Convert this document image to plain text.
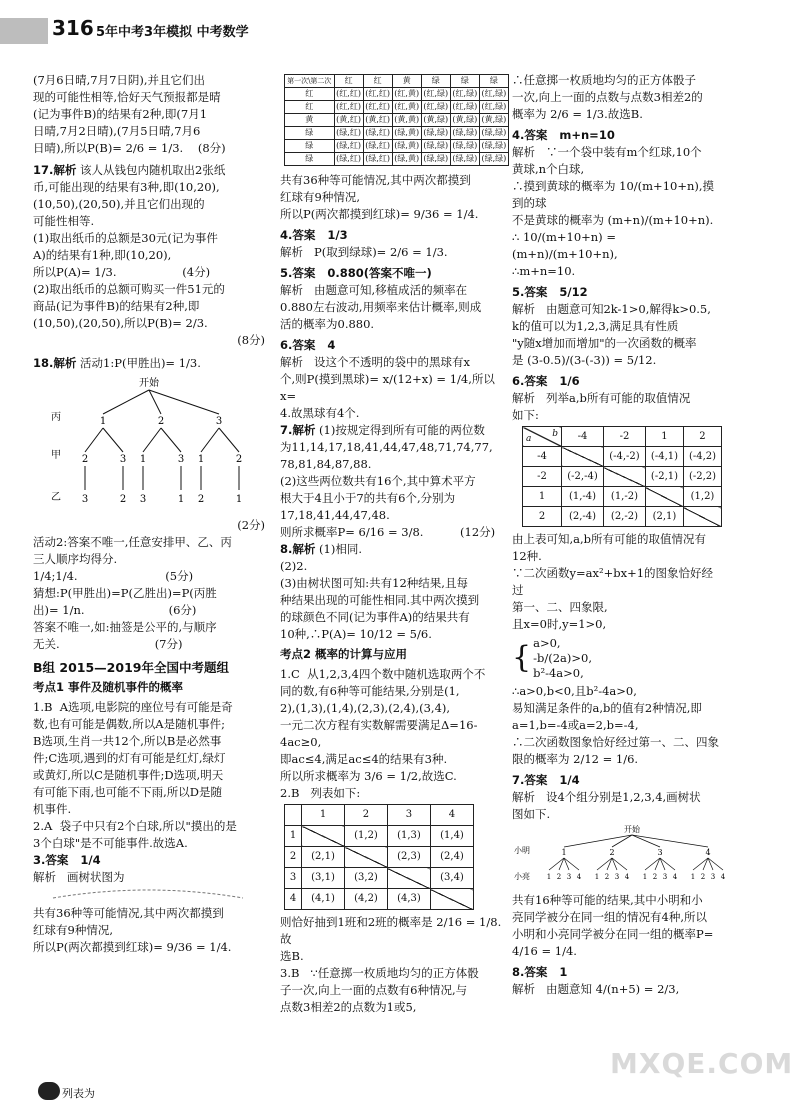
316 5年中考3年模拟 中考数学

(7月6日晴,7月7日阴),并且它们出

现的可能性相等,恰好天气预报都是晴

(记为事件B)的结果有2种,即(7月1

日晴,7月2日晴),(7月5日晴,7月6

日晴),所以P(B)= 2/6 = 1/3.    (8分)

17.解析 该人从钱包内随机取出2张纸

币,可能出现的结果有3种,即(10,20),

(10,50),(20,50),并且它们出现的

可能性相等.

(1)取出纸币的总额是30元(记为事件

A)的结果有1种,即(10,20),

所以P(A)= 1/3.                  (4分)

(2)取出纸币的总额可购买一件51元的

商品(记为事件B)的结果有2种,即

(10,50),(20,50),所以P(B)= 2/3.

(8分)

18.解析 活动1:P(甲胜出)= 1/3.

开始
丙	1	2	3
甲 2	3 1	3 1	2
乙 3	2 3	1 2	1

(2分)

活动2:答案不唯一,任意安排甲、乙、丙

三人顺序均得分.

1/4;1/4.                        (5分)

猜想:P(甲胜出)=P(乙胜出)=P(丙胜

出)= 1/n.                       (6分)

答案不唯一,如:抽签是公平的,与顺序

无关.                          (7分)

B组 2015—2019年全国中考题组

考点1 事件及随机事件的概率

1.B  A选项,电影院的座位号有可能是奇

数,也有可能是偶数,所以A是随机事件;

B选项,生肖一共12个,所以B是必然事

件;C选项,遇到的灯有可能是红灯,绿灯

或黄灯,所以C是随机事件;D选项,明天

有可能下雨,也可能不下雨,所以D是随

机事件.

2.A  袋子中只有2个白球,所以"摸出的是

3个白球"是不可能事件.故选A.

3.答案   1/4

解析   画树状图为

共有36种等可能情况,其中两次都摸到

红球有9种情况,

所以P(两次都摸到红球)= 9/36 = 1/4.

第一次\第二次	红	红	黄	绿	绿	绿
红	(红,红)	(红,红)	(红,黄)	(红,绿)	(红,绿)	(红,绿)
红	(红,红)	(红,红)	(红,黄)	(红,绿)	(红,绿)	(红,绿)
黄	(黄,红)	(黄,红)	(黄,黄)	(黄,绿)	(黄,绿)	(黄,绿)
绿	(绿,红)	(绿,红)	(绿,黄)	(绿,绿)	(绿,绿)	(绿,绿)
绿	(绿,红)	(绿,红)	(绿,黄)	(绿,绿)	(绿,绿)	(绿,绿)
绿	(绿,红)	(绿,红)	(绿,黄)	(绿,绿)	(绿,绿)	(绿,绿)

共有36种等可能情况,其中两次都摸到

红球有9种情况,

所以P(两次都摸到红球)= 9/36 = 1/4.

4.答案   1/3

解析   P(取到绿球)= 2/6 = 1/3.

5.答案   0.880(答案不唯一)

解析   由题意可知,移植成活的频率在

0.880左右波动,用频率来估计概率,则成

活的概率为0.880.

6.答案   4

解析   设这个不透明的袋中的黑球有x

个,则P(摸到黑球)= x/(12+x) = 1/4,所以x=

4.故黑球有4个.

7.解析 (1)按规定得到所有可能的两位数

为11,14,17,18,41,44,47,48,71,74,77,

78,81,84,87,88.

(2)这些两位数共有16个,其中算术平方

根大于4且小于7的共有6个,分别为

17,18,41,44,47,48.

则所求概率P= 6/16 = 3/8.          (12分)

8.解析 (1)相同.

(2)2.

(3)由树状图可知:共有12种结果,且每

种结果出现的可能性相同.其中两次摸到

的球颜色不同(记为事件A)的结果共有

10种,∴P(A)= 10/12 = 5/6.

考点2 概率的计算与应用

1.C  从1,2,3,4四个数中随机选取两个不

同的数,有6种等可能结果,分别是(1,

2),(1,3),(1,4),(2,3),(2,4),(3,4),

一元二次方程有实数解需要满足Δ=16-

4ac≥0,

即ac≤4,满足ac≤4的结果有3种.

所以所求概率为 3/6 = 1/2,故选C.

2.B   列表如下:

	1	2	3	4
1		(1,2)	(1,3)	(1,4)
2	(2,1)		(2,3)	(2,4)
3	(3,1)	(3,2)		(3,4)
4	(4,1)	(4,2)	(4,3)	

则恰好抽到1班和2班的概率是 2/16 = 1/8.故

选B.

3.B   ∵任意掷一枚质地均匀的正方体骰

子一次,向上一面的点数有6种情况,与

点数3相差2的点数为1或5,

∴任意掷一枚质地均匀的正方体骰子

一次,向上一面的点数与点数3相差2的

概率为 2/6 = 1/3.故选B.

4.答案   m+n=10

解析   ∵一个袋中装有m个红球,10个

黄球,n个白球,

∴摸到黄球的概率为 10/(m+10+n),摸到的球

不是黄球的概率为 (m+n)/(m+10+n).

∴ 10/(m+10+n) = (m+n)/(m+10+n),

∴m+n=10.

5.答案   5/12

解析   由题意可知2k-1>0,解得k>0.5,

k的值可以为1,2,3,满足具有性质

"y随x增加而增加"的一次函数的概率

是 (3-0.5)/(3-(-3)) = 5/12.

6.答案   1/6

解析   列举a,b所有可能的取值情况

如下:

b
a	-4	-2	1	2
-4		(-4,-2)	(-4,1)	(-4,2)
-2	(-2,-4)		(-2,1)	(-2,2)
1	(1,-4)	(1,-2)		(1,2)
2	(2,-4)	(2,-2)	(2,1)	

由上表可知,a,b所有可能的取值情况有

12种.

∵二次函数y=ax²+bx+1的图象恰好经过

第一、二、四象限,

且x=0时,y=1>0,

{ a>0,

-b/(2a)>0,

b²-4a>0,

∴a>0,b<0,且b²-4a>0,

易知满足条件的a,b的值有2种情况,即

a=1,b=-4或a=2,b=-4,

∴二次函数图象恰好经过第一、二、四象

限的概率为 2/12 = 1/6.

7.答案   1/4

解析   设4个组分别是1,2,3,4,画树状

图如下.

开始
小明
小亮
1
1 2 3 4
2
1 2 3 4
3
1 2 3 4
4
1 2 3 4

共有16种等可能的结果,其中小明和小

亮同学被分在同一组的情况有4种,所以

小明和小亮同学被分在同一组的概率P=

4/16 = 1/4.

8.答案   1

解析   由题意知 4/(n+5) = 2/3,

列表为
MXQE.COM
